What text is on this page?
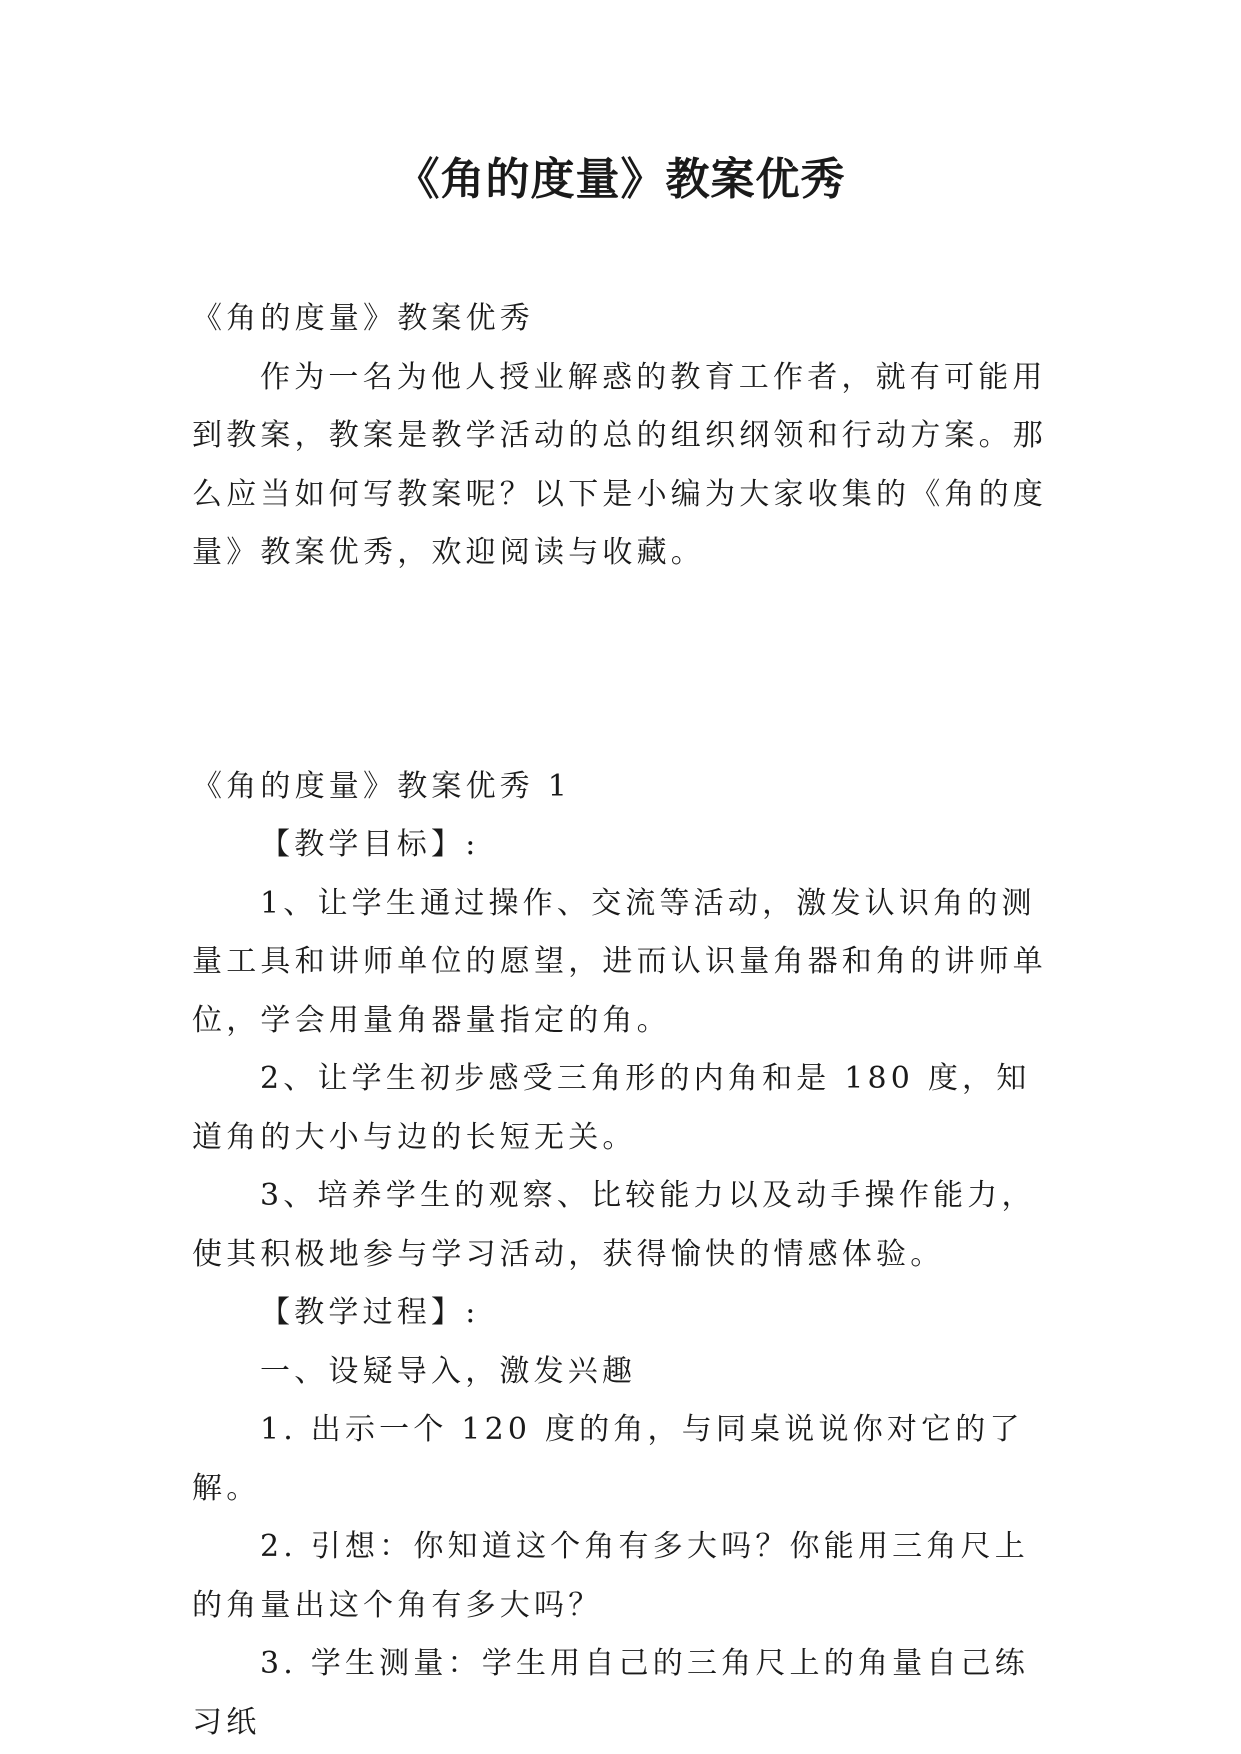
《角的度量》教案优秀

《角的度量》教案优秀

作为一名为他人授业解惑的教育工作者，就有可能用到教案，教案是教学活动的总的组织纲领和行动方案。那么应当如何写教案呢？以下是小编为大家收集的《角的度量》教案优秀，欢迎阅读与收藏。

《角的度量》教案优秀 1

【教学目标】:

1、让学生通过操作、交流等活动，激发认识角的测量工具和讲师单位的愿望，进而认识量角器和角的讲师单位，学会用量角器量指定的角。

2、让学生初步感受三角形的内角和是 180 度，知道角的大小与边的长短无关。

3、培养学生的观察、比较能力以及动手操作能力，使其积极地参与学习活动，获得愉快的情感体验。

【教学过程】:

一、设疑导入，激发兴趣

1. 出示一个 120 度的角，与同桌说说你对它的了解。

2. 引想：你知道这个角有多大吗？你能用三角尺上的角量出这个角有多大吗？

3. 学生测量：学生用自己的三角尺上的角量自己练习纸
